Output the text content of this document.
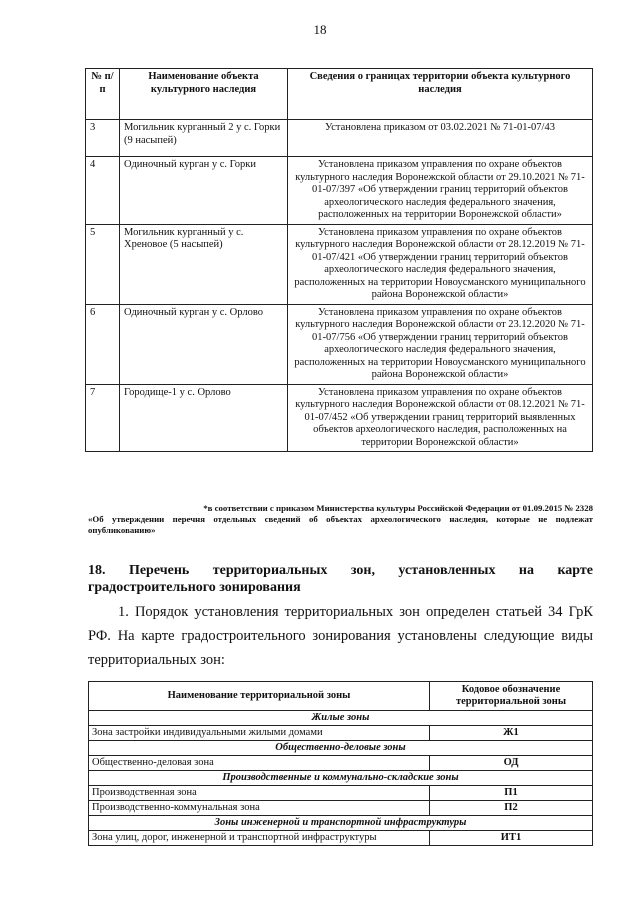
18
№ п/п	Наименование объекта культурного наследия	Сведения о границах территории объекта культурного наследия
3	Могильник курганный 2 у с. Горки (9 насыпей)	Установлена приказом от 03.02.2021 № 71-01-07/43
4	Одиночный курган у с. Горки	Установлена приказом управления по охране объектов культурного наследия Воронежской области от 29.10.2021 № 71-01-07/397 «Об утверждении границ территорий объектов археологического наследия федерального значения, расположенных на территории Воронежской области»
5	Могильник курганный у с. Хреновое (5 насыпей)	Установлена приказом управления по охране объектов культурного наследия Воронежской области от 28.12.2019 № 71-01-07/421 «Об утверждении границ территорий объектов археологического наследия федерального значения, расположенных на территории Новоусманского муниципального района Воронежской области»
6	Одиночный курган у с. Орлово	Установлена приказом управления по охране объектов культурного наследия Воронежской области от 23.12.2020 № 71-01-07/756 «Об утверждении границ территорий объектов археологического наследия федерального значения, расположенных на территории Новоусманского муниципального района Воронежской области»
7	Городище-1 у с. Орлово	Установлена приказом управления по охране объектов культурного наследия Воронежской области от 08.12.2021 № 71-01-07/452 «Об утверждении границ территорий выявленных объектов археологического наследия, расположенных на территории Воронежской области»
*в соответствии с приказом Министерства культуры Российской Федерации от 01.09.2015 № 2328
«Об утверждении перечня отдельных сведений об объектах археологического наследия, которые не подлежат опубликованию»
18. Перечень территориальных зон, установленных на карте градостроительного зонирования
1. Порядок установления территориальных зон определен статьей 34 ГрК РФ. На карте градостроительного зонирования установлены следующие виды территориальных зон:
Наименование территориальной зоны	Кодовое обозначение территориальной зоны
Жилые зоны	
Зона застройки индивидуальными жилыми домами	Ж1
Общественно-деловые зоны	
Общественно-деловая зона	ОД
Производственные и коммунально-складские зоны	
Производственная зона	П1
Производственно-коммунальная зона	П2
Зоны инженерной и транспортной инфраструктуры	
Зона улиц, дорог, инженерной и транспортной инфраструктуры	ИТ1
